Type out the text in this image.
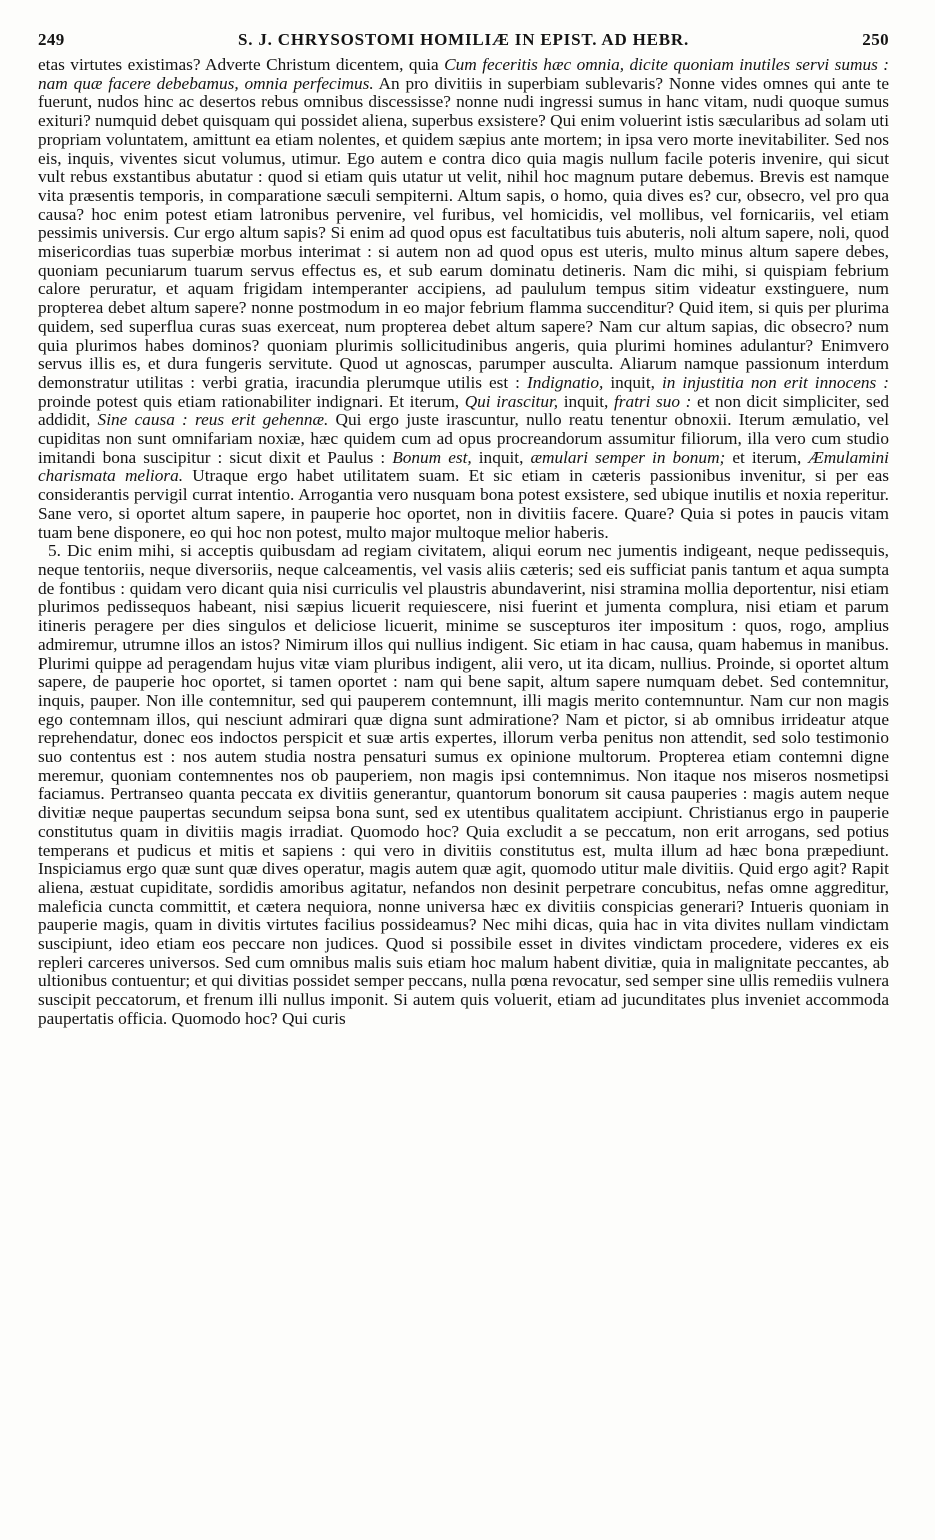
249	S. J. CHRYSOSTOMI HOMILIÆ IN EPIST. AD HEBR.	250

etas virtutes existimas? Adverte Christum dicentem, quia Cum feceritis hæc omnia, dicite quoniam inutiles servi sumus : nam quæ facere debebamus, omnia perfecimus. An pro divitiis in superbiam sublevaris? Nonne vides omnes qui ante te fuerunt, nudos hinc ac desertos rebus omnibus discessisse? nonne nudi ingressi sumus in hanc vitam, nudi quoque sumus exituri? numquid debet quisquam qui possidet aliena, superbus exsistere? Qui enim voluerint istis sæcularibus ad solam uti propriam voluntatem, amittunt ea etiam nolentes, et quidem sæpius ante mortem; in ipsa vero morte inevitabiliter. Sed nos eis, inquis, viventes sicut volumus, utimur. Ego autem e contra dico quia magis nullum facile poteris invenire, qui sicut vult rebus exstantibus abutatur : quod si etiam quis utatur ut velit, nihil hoc magnum putare debemus. Brevis est namque vita præsentis temporis, in comparatione sæculi sempiterni. Altum sapis, o homo, quia dives es? cur, obsecro, vel pro qua causa? hoc enim potest etiam latronibus pervenire, vel furibus, vel homicidis, vel mollibus, vel fornicariis, vel etiam pessimis universis. Cur ergo altum sapis? Si enim ad quod opus est facultatibus tuis abuteris, noli altum sapere, noli, quod misericordias tuas superbiæ morbus interimat : si autem non ad quod opus est uteris, multo minus altum sapere debes, quoniam pecuniarum tuarum servus effectus es, et sub earum dominatu detineris. Nam dic mihi, si quispiam febrium calore peruratur, et aquam frigidam intemperanter accipiens, ad paululum tempus sitim videatur exstinguere, num propterea debet altum sapere? nonne postmodum in eo major febrium flamma succenditur? Quid item, si quis per plurima quidem, sed superflua curas suas exerceat, num propterea debet altum sapere? Nam cur altum sapias, dic obsecro? num quia plurimos habes dominos? quoniam plurimis sollicitudinibus angeris, quia plurimi homines adulantur? Enimvero servus illis es, et dura fungeris servitute. Quod ut agnoscas, parumper ausculta. Aliarum namque passionum interdum demonstratur utilitas : verbi gratia, iracundia plerumque utilis est : Indignatio, inquit, in injustitia non erit innocens : proinde potest quis etiam rationabiliter indignari. Et iterum, Qui irascitur, inquit, fratri suo : et non dicit simpliciter, sed addidit, Sine causa : reus erit gehennæ. Qui ergo juste irascuntur, nullo reatu tenentur obnoxii. Iterum æmulatio, vel cupiditas non sunt omnifariam noxiæ, hæc quidem cum ad opus procreandorum assumitur filiorum, illa vero cum studio imitandi bona suscipitur : sicut dixit et Paulus : Bonum est, inquit, æmulari semper in bonum; et iterum, Æmulamini charismata meliora. Utraque ergo habet utilitatem suam. Et sic etiam in cæteris passionibus invenitur, si per eas considerantis pervigil currat intentio. Arrogantia vero nusquam bona potest exsistere, sed ubique inutilis et noxia reperitur. Sane vero, si oportet altum sapere, in pauperie hoc oportet, non in divitiis facere. Quare? Quia si potes in paucis vitam tuam bene disponere, eo qui hoc non potest, multo major multoque melior haberis.

5. Dic enim mihi, si acceptis quibusdam ad regiam civitatem, aliqui eorum nec jumentis indigeant, neque pedissequis, neque tentoriis, neque diversoriis, neque calceamentis, vel vasis aliis cæteris; sed eis sufficiat panis tantum et aqua sumpta de fontibus : quidam vero dicant quia nisi curriculis vel plaustris abundaverint, nisi stramina mollia deportentur, nisi etiam plurimos pedissequos habeant, nisi sæpius licuerit requiescere, nisi fuerint et jumenta complura, nisi etiam et parum itineris peragere per dies singulos et deliciose licuerit, minime se suscepturos iter impositum : quos, rogo, amplius admiremur, utrumne illos an istos? Nimirum illos qui nullius indigent. Sic etiam in hac causa, quam habemus in manibus. Plurimi quippe ad peragendam hujus vitæ viam pluribus indigent, alii vero, ut ita dicam, nullius. Proinde, si oportet altum sapere, de pauperie hoc oportet, si tamen oportet : nam qui bene sapit, altum sapere numquam debet. Sed contemnitur, inquis, pauper. Non ille contemnitur, sed qui pauperem contemnunt, illi magis merito contemnuntur. Nam cur non magis ego contemnam illos, qui nesciunt admirari quæ digna sunt admiratione? Nam et pictor, si ab omnibus irrideatur atque reprehendatur, donec eos indoctos perspicit et suæ artis expertes, illorum verba penitus non attendit, sed solo testimonio suo contentus est : nos autem studia nostra pensaturi sumus ex opinione multorum. Propterea etiam contemni digne meremur, quoniam contemnentes nos ob pauperiem, non magis ipsi contemnimus. Non itaque nos miseros nosmetipsi faciamus. Pertranseo quanta peccata ex divitiis generantur, quantorum bonorum sit causa pauperies : magis autem neque divitiæ neque paupertas secundum seipsa bona sunt, sed ex utentibus qualitatem accipiunt. Christianus ergo in pauperie constitutus quam in divitiis magis irradiat. Quomodo hoc? Quia excludit a se peccatum, non erit arrogans, sed potius temperans et pudicus et mitis et sapiens : qui vero in divitiis constitutus est, multa illum ad hæc bona præpediunt. Inspiciamus ergo quæ sunt quæ dives operatur, magis autem quæ agit, quomodo utitur male divitiis. Quid ergo agit? Rapit aliena, æstuat cupiditate, sordidis amoribus agitatur, nefandos non desinit perpetrare concubitus, nefas omne aggreditur, maleficia cuncta committit, et cætera nequiora, nonne universa hæc ex divitiis conspicias generari? Intueris quoniam in pauperie magis, quam in divitis virtutes facilius possideamus? Nec mihi dicas, quia hac in vita divites nullam vindictam suscipiunt, ideo etiam eos peccare non judices. Quod si possibile esset in divites vindictam procedere, videres ex eis repleri carceres universos. Sed cum omnibus malis suis etiam hoc malum habent divitiæ, quia in malignitate peccantes, ab ultionibus contuentur; et qui divitias possidet semper peccans, nulla pœna revocatur, sed semper sine ullis remediis vulnera suscipit peccatorum, et frenum illi nullus imponit. Si autem quis voluerit, etiam ad jucunditates plus inveniet accommoda paupertatis officia. Quomodo hoc? Qui curis
